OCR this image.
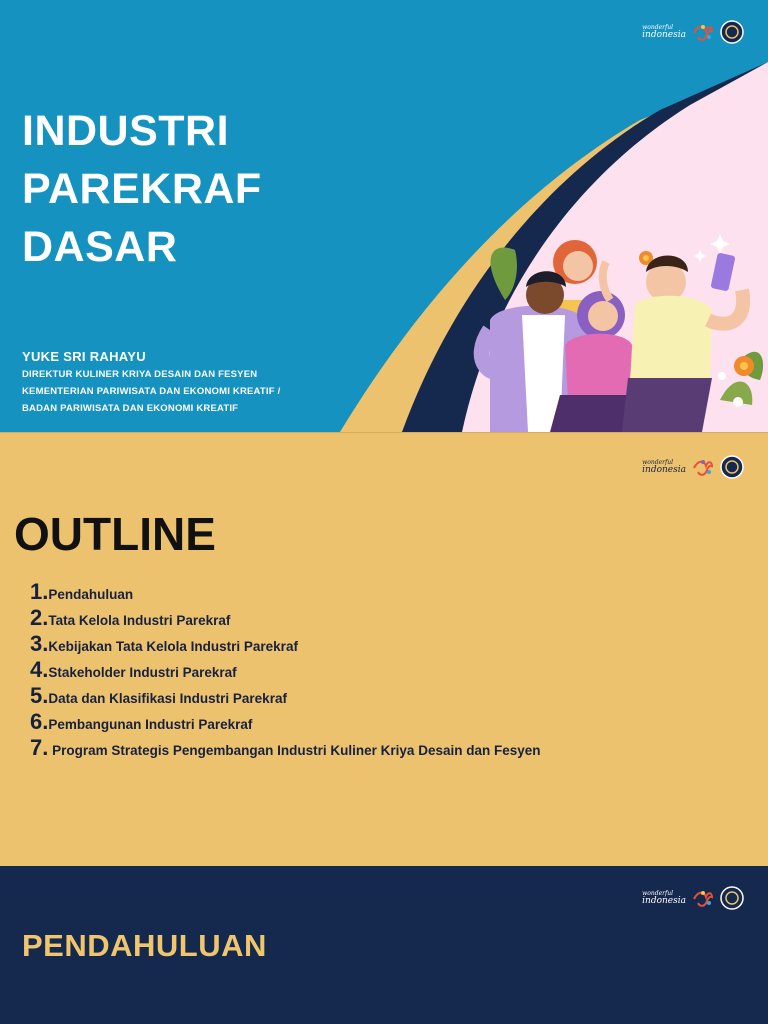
wonderful
indonesia
INDUSTRI
PAREKRAF
DASAR
YUKE SRI RAHAYU
DIREKTUR KULINER KRIYA DESAIN DAN FESYEN
KEMENTERIAN PARIWISATA DAN EKONOMI KREATIF /
BADAN PARIWISATA DAN EKONOMI KREATIF
wonderful
indonesia
OUTLINE
1. Pendahuluan
2. Tata Kelola Industri Parekraf
3. Kebijakan Tata Kelola Industri Parekraf
4. Stakeholder Industri Parekraf
5. Data dan Klasifikasi Industri Parekraf
6. Pembangunan Industri Parekraf
7. Program Strategis Pengembangan Industri Kuliner Kriya Desain dan Fesyen
wonderful
indonesia
PENDAHULUAN
